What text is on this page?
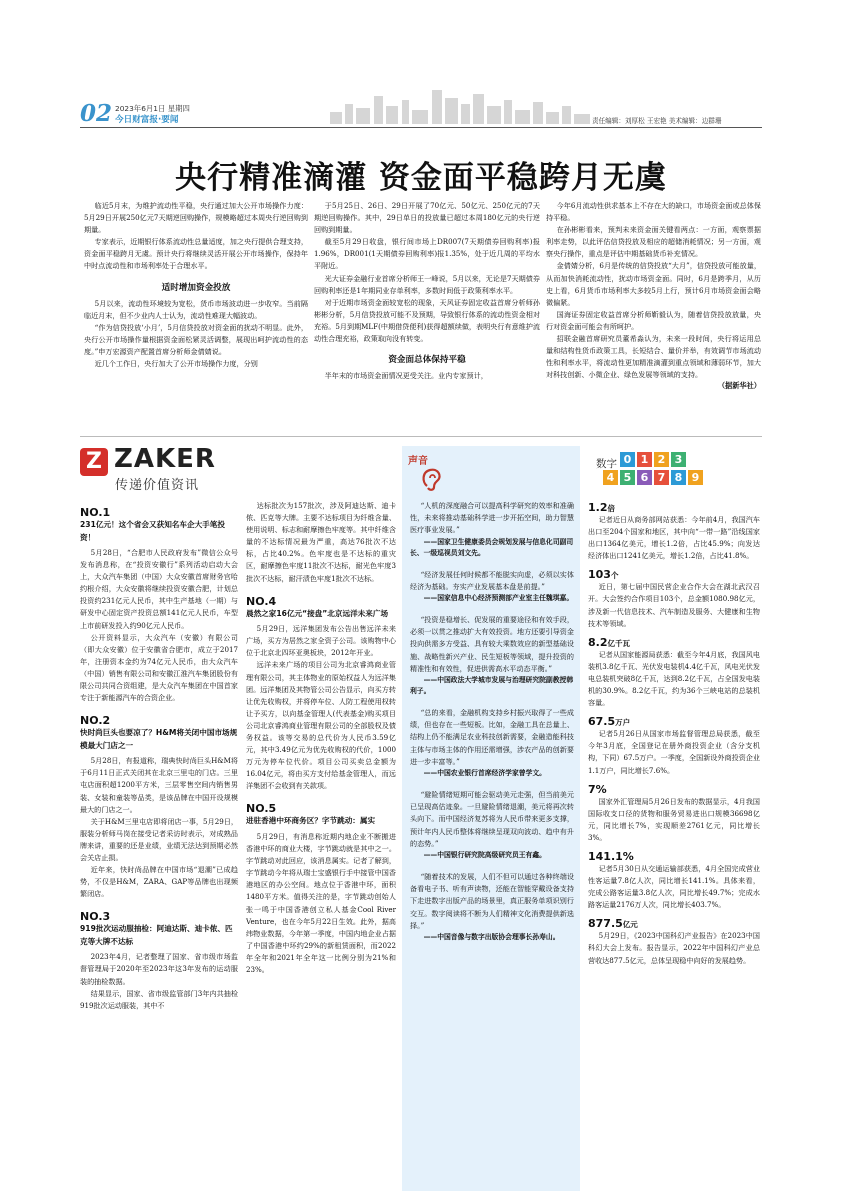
02 2023年6月1日 星期四
今日财富报·要闻	责任编辑：刘厚松 王宏艳 美术编辑：边群珊
央行精准滴灌 资金面平稳跨月无虞

临近5月末，为维护流动性平稳，央行通过加大公开市场操作力度：5月29日开展250亿元7天期逆回购操作，规模略超过本周央行逆回购到期量。

专家表示，近期银行体系流动性总量适度，加之央行提供合理支持，资金面平稳跨月无虞。预计央行将继续灵活开展公开市场操作，保持年中时点流动性和市场利率处于合理水平。

适时增加资金投放

5月以来，流动性环境较为宽松，货币市场波动进一步收窄。当前隔临近月末，但不少业内人士认为，流动性难现大幅波动。

“作为信贷投放‘小月’，5月信贷投放对资金面的扰动不明显。此外，央行公开市场操作量根据资金面松紧灵活调整，展现出呵护流动性的态度。”申万宏源资产配置首席分析师金倩婧说。

近几个工作日，央行加大了公开市场操作力度，分别

于5月25日、26日、29日开展了70亿元、50亿元、250亿元的7天期逆回购操作。其中，29日单日的投放量已超过本周180亿元的央行逆回购到期量。

截至5月29日收盘，银行间市场上DR007(7天期债券回购利率)报1.96%，DR001(1天期债券回购利率)报1.35%，处于近几周的平均水平附近。

光大证券金融行业首席分析师王一峰说，5月以来，无论是7天期债券回购利率还是1年期同业存单利率，多数时间低于政策利率水平。

对于近期市场资金面较宽松的现象，天风证券固定收益首席分析师孙彬彬分析，5月信贷投放可能不及预期，导致银行体系的流动性资金相对充裕。5月到期MLF(中期借贷便利)获得超额续做，表明央行有意维护流动性合理充裕，政策取向没有转变。

资金面总体保持平稳

半年末的市场资金面情况更受关注。业内专家预计，

今年6月流动性供求基本上不存在大的缺口，市场资金面或总体保持平稳。

在孙彬彬看来，预判未来资金面关键看两点：一方面，观察票据利率走势，以此评估信贷投放及相应的超储消耗情况；另一方面，观察央行操作，重点是评估中期基础货币补充情况。

金倩婧分析，6月是传统的信贷投放“大月”，信贷投放可能放量，从而加快消耗流动性，扰动市场资金面。同时，6月是跨季月，从历史上看，6月货币市场利率大多较5月上行，预计6月市场资金面会略微偏紧。

国海证券固定收益首席分析师靳毅认为，随着信贷投放放量，央行对资金面可能会有所呵护。

招联金融首席研究员董希淼认为，未来一段时间，央行将运用总量和结构性货币政策工具，长短结合、量价并举，有效调节市场流动性和利率水平，将流动性更加精准滴灌到重点领域和薄弱环节，加大对科技创新、小微企业、绿色发展等领域的支持。

（据新华社）
Z ZAKER
传递价值资讯
NO.1
231亿元！这个省会又获知名车企大手笔投资！

5月28日，“合肥市人民政府发布”微信公众号发布消息称，在“投资安徽行”系列活动启动大会上，大众汽车集团（中国）大众安徽首席财务官哈约根介绍，大众安徽将继续投资安徽合肥，计划总投资约231亿元人民币，其中生产基地（一期）与研发中心固定资产投资总额141亿元人民币，车型上市前研发投入约90亿元人民币。

公开资料显示，大众汽车（安徽）有限公司（即大众安徽）位于安徽省合肥市，成立于2017年，注册资本金约为74亿元人民币，由大众汽车（中国）销售有限公司和安徽江淮汽车集团股份有限公司共同合资组建，是大众汽车集团在中国首家专注于新能源汽车的合资企业。

NO.2
快时尚巨头也要凉了？H&M将关闭中国市场规模最大门店之一

5月28日，有报道称，瑞典快时尚巨头H&M将于6月11日正式关闭其在北京三里屯的门店。三里屯店面积超1200平方米，三层零售空间内销售男装、女装和童装等品类，是该品牌在中国开设规模最大的门店之一。

关于H&M三里屯店即将闭店一事，5月29日，服装分析师马岗在接受记者采访时表示，对成熟品牌来讲，重要的还是业绩，业绩无法达到预期必然会关店止损。

近年来，快时尚品牌在中国市场“退潮”已成趋势，不仅是H&M，ZARA、GAP等品牌也出现频繁闭店。

NO.3
919批次运动服抽检：阿迪达斯、迪卡侬、匹克等大牌不达标

2023年4月，记者整理了国家、省市级市场监督管理局于2020年至2023年这3年发布的运动服装的抽检数据。

结果显示，国家、省市级监管部门3年内共抽检919批次运动服装，其中不

达标批次为157批次，涉及阿迪达斯、迪卡侬、匹克等大牌。主要不达标项目为纤维含量、使用说明、标志和耐摩擦色牢度等。其中纤维含量的不达标情况最为严重，高达76批次不达标，占比40.2%。色牢度也是不达标的重灾区，耐摩擦色牢度11批次不达标，耐光色牢度3批次不达标，耐汗渍色牢度1批次不达标。

NO.4
晨然之家16亿元“接盘”北京远洋未来广场

5月29日，远洋集团发布公告出售远洋未来广场，买方为居然之家全资子公司。该购物中心位于北京北四环亚奥板块，2012年开业。

远洋未来广场的项目公司为北京睿鸿商业管理有限公司，其主体物业的原始权益人为远洋集团。远洋集团及其物管公司公告显示，向买方转让优先收购权，并将停车位、人防工程使用权转让予买方，以向基金管理人(代表基金)购买项目公司北京睿鸿商业管理有限公司的全部股权及债务权益。该等交易的总代价为人民币3.59亿元，其中3.49亿元为优先收购权的代价，1000万元为停车位代价。项目公司买卖总金额为16.04亿元，将由买方支付给基金管理人，而远洋集团不会收到有关款项。

NO.5
进驻香港中环商务区？字节跳动：属实

5月29日，有消息称近期内地企业不断搬进香港中环的商业大楼，字节跳动就是其中之一。字节跳动对此回应，该消息属实。记者了解到，字节跳动今年将从瑞士宝盛银行手中接管中国香港地区的办公空间。地点位于香港中环，面积1480平方米。值得关注的是，字节跳动创始人张一鸣于中国香港创立私人基金Cool River Venture，也在今年5月22日生效。此外，据高纬物业数据，今年第一季度，中国内地企业占据了中国香港中环约29%的新租赁面积，而2022年全年和2021年全年这一比例分别为21%和23%。

声音

“人机的深度融合可以提高科学研究的效率和准确性，未来将推动基础科学进一步开拓空间，助力智慧医疗事业发展。”

——国家卫生健康委员会规划发展与信息化司副司长、一级巡视员刘文先。

“经济发展任何时候都不能脱实向虚，必须以实体经济为基础。夯实产业发展基本盘是前提。”

——国家信息中心经济预测部产业室主任魏琪嘉。

“投资是稳增长、促发展的重要途径和有效手段，必须一以贯之推动扩大有效投资。地方还要引导资金投向供需多方受益、具有较大乘数效应的新型基础设施、战略性新兴产业、民生短板等领域，提升投资的精准性和有效性，促进供需高水平动态平衡。”

——中国政法大学城市发展与治理研究院副教授韩利子。

“总的来看，金融机构支持乡村振兴取得了一些成绩，但也存在一些短板。比如，金融工具在总量上、结构上仍不能满足农业科技创新需要，金融造能科技主体与市场主体的作用还需增强，涉农产品的创新要进一步丰富等。”

——中国农业银行首席经济学家曾学文。

“避险情绪短期可能会驱动美元走强，但当前美元已呈现高估迹象。一旦避险情绪退潮，美元将再次转头向下。而中国经济复苏将为人民币带来更多支撑，预计年内人民币整体将继续呈现双向波动、趋中有升的态势。”

——中国银行研究院高级研究员王有鑫。

“随着技术的发展，人们不但可以通过各种终端设备看电子书、听有声读物，还能在智能穿戴设备支持下走进数字出版产品的场景里，真正服务单项识别行交互。数字阅读将不断为人们精神文化消费提供新选择。”

——中国音像与数字出版协会理事长孙寿山。
数字 0 1 2 3
4 5 6 7 8 9
1.2倍

记者近日从商务部网站获悉：今年前4月，我国汽车出口至204个国家和地区，其中向“一带一路”沿线国家出口1364亿美元，增长1.2倍，占比45.9%；向发达经济体出口1241亿美元，增长1.2倍，占比41.8%。

103个

近日，第七届中国民营企业合作大会在湖北武汉召开。大会签约合作项目103个，总金额1080.98亿元，涉及新一代信息技术、汽车制造及服务、大健康和生物技术等领域。

8.2亿千瓦

记者从国家能源局获悉：截至今年4月底，我国风电装机3.8亿千瓦、光伏发电装机4.4亿千瓦，风电光伏发电总装机突破8亿千瓦，达到8.2亿千瓦，占全国发电装机的30.9%。8.2亿千瓦，约为36个三峡电站的总装机容量。

67.5万户

记者5月26日从国家市场监督管理总局获悉，截至今年3月底，全国登记在册外商投资企业（含分支机构，下同）67.5万户。一季度，全国新设外商投资企业1.1万户，同比增长7.6%。

7%

国家外汇管理局5月26日发布的数据显示，4月我国国际收支口径的货物和服务贸易进出口规模36698亿元，同比增长7%，实现顺差2761亿元，同比增长3%。

141.1%

记者5月30日从交通运输部获悉，4月全国完成营业性客运量7.8亿人次，同比增长141.1%。具体来看，完成公路客运量3.8亿人次，同比增长49.7%；完成水路客运量2176万人次，同比增长403.7%。

877.5亿元

5月29日，《2023中国科幻产业报告》在2023中国科幻大会上发布。报告显示，2022年中国科幻产业总营收达877.5亿元，总体呈现稳中向好的发展趋势。
